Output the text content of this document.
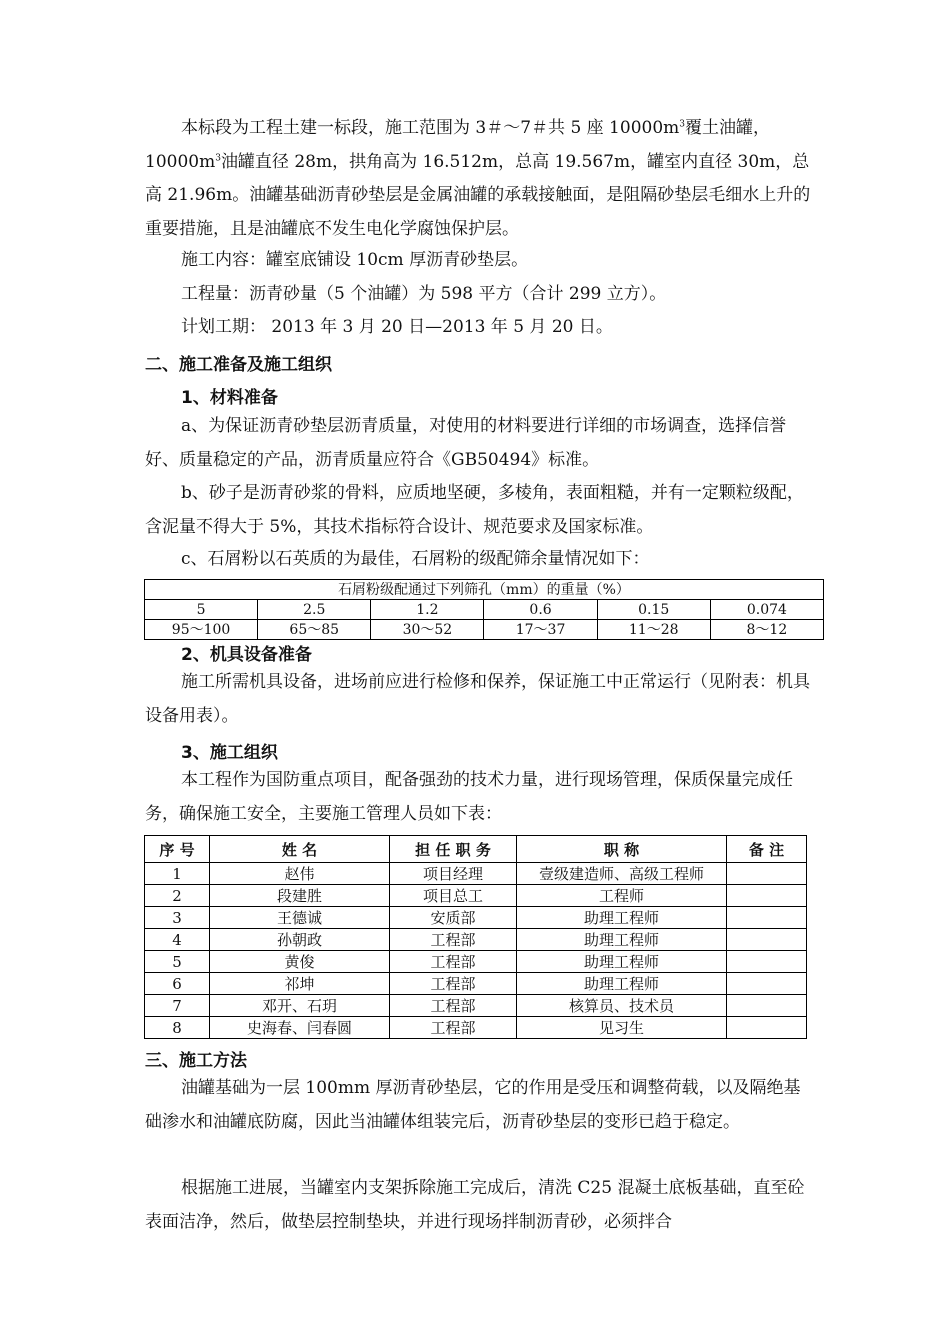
本标段为工程土建一标段，施工范围为 3＃～7＃共 5 座 $10000m^3$覆土油罐，$10000m^3$油罐直径 28m，拱角高为 16.512m，总高 19.567m，罐室内直径 30m，总高 21.96m。油罐基础沥青砂垫层是金属油罐的承载接触面，是阻隔砂垫层毛细水上升的重要措施，且是油罐底不发生电化学腐蚀保护层。

施工内容：罐室底铺设 10cm 厚沥青砂垫层。

工程量：沥青砂量（5 个油罐）为 598 平方（合计 299 立方）。

计划工期： 2013 年 3 月 20 日—2013 年 5 月 20 日。

二、施工准备及施工组织
1、材料准备

a、为保证沥青砂垫层沥青质量，对使用的材料要进行详细的市场调查，选择信誉好、质量稳定的产品，沥青质量应符合《GB50494》标准。

b、砂子是沥青砂浆的骨料，应质地坚硬，多棱角，表面粗糙，并有一定颗粒级配，含泥量不得大于 5%，其技术指标符合设计、规范要求及国家标准。

c、石屑粉以石英质的为最佳，石屑粉的级配筛余量情况如下：

石屑粉级配通过下列筛孔（mm）的重量（%）					
5	2.5	1.2	0.6	0.15	0.074
95～100	65～85	30～52	17～37	11～28	8～12
2、机具设备准备

施工所需机具设备，进场前应进行检修和保养，保证施工中正常运行（见附表：机具设备用表）。

3、施工组织

本工程作为国防重点项目，配备强劲的技术力量，进行现场管理，保质保量完成任务，确保施工安全，主要施工管理人员如下表：

序 号	姓 名	担 任 职 务	职 称	备 注
1	赵伟	项目经理	壹级建造师、高级工程师	
2	段建胜	项目总工	工程师	
3	王德诚	安质部	助理工程师	
4	孙朝政	工程部	助理工程师	
5	黄俊	工程部	助理工程师	
6	祁坤	工程部	助理工程师	
7	邓开、石玥	工程部	核算员、技术员	
8	史海春、闫春圆	工程部	见习生	
三、施工方法

油罐基础为一层 100mm 厚沥青砂垫层，它的作用是受压和调整荷载，以及隔绝基础渗水和油罐底防腐，因此当油罐体组装完后，沥青砂垫层的变形已趋于稳定。

根据施工进展，当罐室内支架拆除施工完成后，清洗 C25 混凝土底板基础，直至砼表面洁净，然后，做垫层控制垫块，并进行现场拌制沥青砂，必须拌合
